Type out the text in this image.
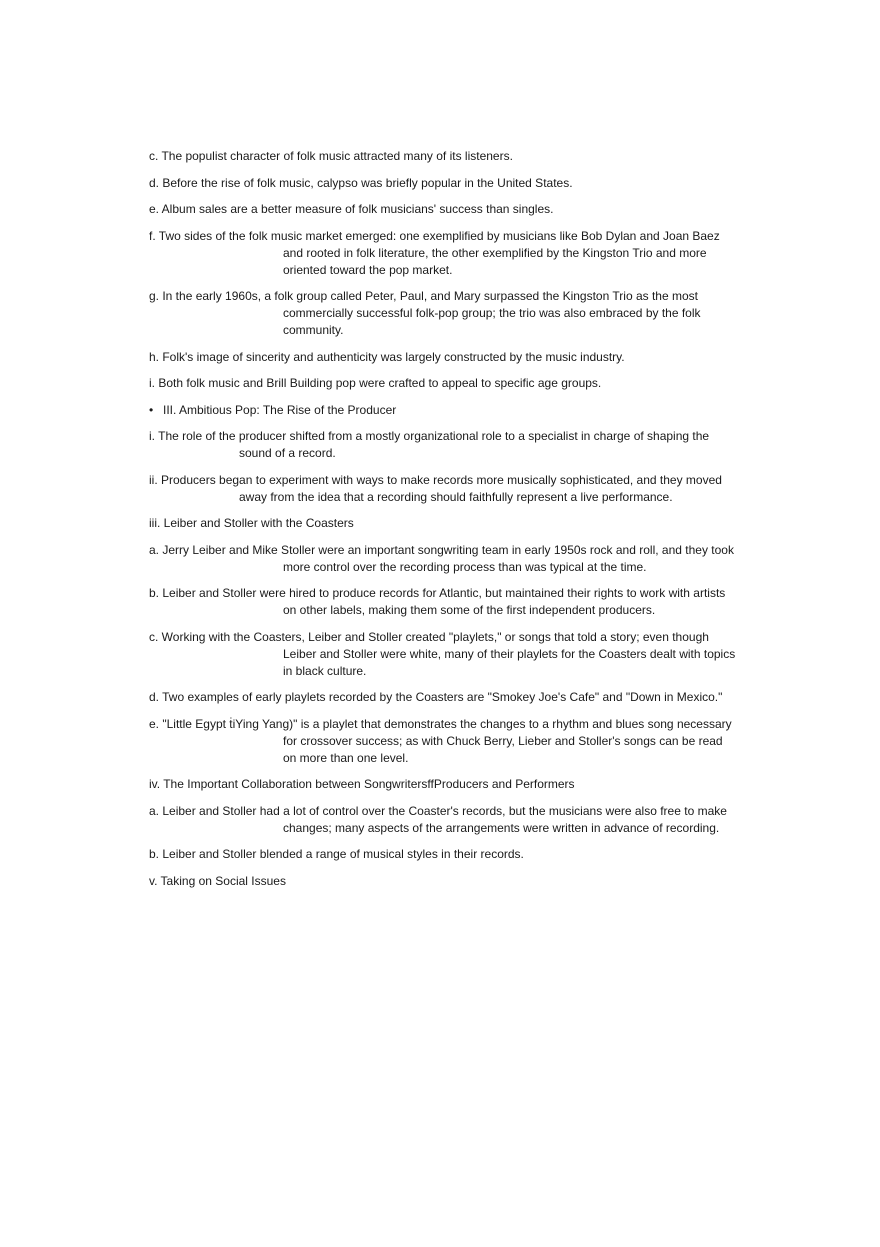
c. The populist character of folk music attracted many of its listeners.

d. Before the rise of folk music, calypso was briefly popular in the United States.

e. Album sales are a better measure of folk musicians' success than singles.

f. Two sides of the folk music market emerged: one exemplified by musicians like Bob Dylan and Joan Baez and rooted in folk literature, the other exemplified by the Kingston Trio and more oriented toward the pop market.

g. In the early 1960s, a folk group called Peter, Paul, and Mary surpassed the Kingston Trio as the most commercially successful folk-pop group; the trio was also embraced by the folk community.

h. Folk's image of sincerity and authenticity was largely constructed by the music industry.

i. Both folk music and Brill Building pop were crafted to appeal to specific age groups.

• III. Ambitious Pop: The Rise of the Producer

i. The role of the producer shifted from a mostly organizational role to a specialist in charge of shaping the sound of a record.

ii. Producers began to experiment with ways to make records more musically sophisticated, and they moved away from the idea that a recording should faithfully represent a live performance.

iii. Leiber and Stoller with the Coasters

a. Jerry Leiber and Mike Stoller were an important songwriting team in early 1950s rock and roll, and they took more control over the recording process than was typical at the time.

b. Leiber and Stoller were hired to produce records for Atlantic, but maintained their rights to work with artists on other labels, making them some of the first independent producers.

c. Working with the Coasters, Leiber and Stoller created "playlets," or songs that told a story; even though Leiber and Stoller were white, many of their playlets for the Coasters dealt with topics in black culture.

d. Two examples of early playlets recorded by the Coasters are "Smokey Joe's Cafe" and "Down in Mexico."

e. "Little Egypt ṫiYing Yang)" is a playlet that demonstrates the changes to a rhythm and blues song necessary for crossover success; as with Chuck Berry, Lieber and Stoller's songs can be read on more than one level.

iv. The Important Collaboration between SongwritersffProducers and Performers

a. Leiber and Stoller had a lot of control over the Coaster's records, but the musicians were also free to make changes; many aspects of the arrangements were written in advance of recording.

b. Leiber and Stoller blended a range of musical styles in their records.

v. Taking on Social Issues
